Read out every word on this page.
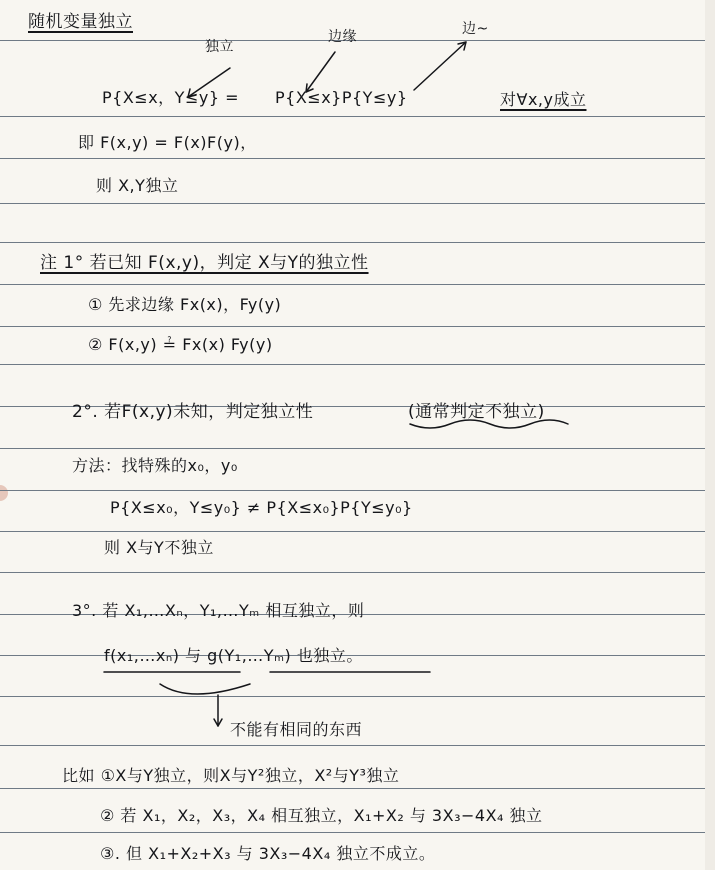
随机变量独立
独立
边缘	边~
P{X≤x，Y≤y} = P{X≤x}P{Y≤y}	对∀x,y成立
即 F(x,y) = F(x)F(y)，
则 X,Y独立
注 1° 若已知 F(x,y)，判定 X与Y的独立性
① 先求边缘 Fx(x)，Fy(y)
② F(x,y) ≟ Fx(x) Fy(y)
2°. 若F(x,y)未知，判定独立性	(通常判定不独立)
方法：找特殊的x₀，y₀
P{X≤x₀，Y≤y₀} ≠ P{X≤x₀}P{Y≤y₀}
则 X与Y不独立
3°. 若 X₁,…Xₙ，Y₁,…Yₘ 相互独立，则
f(x₁,…xₙ) 与 g(Y₁,…Yₘ) 也独立。
不能有相同的东西
比如 ①X与Y独立，则X与Y²独立，X²与Y³独立
② 若 X₁，X₂，X₃，X₄ 相互独立，X₁+X₂ 与 3X₃−4X₄ 独立
③. 但 X₁+X₂+X₃ 与 3X₃−4X₄ 独立不成立。
